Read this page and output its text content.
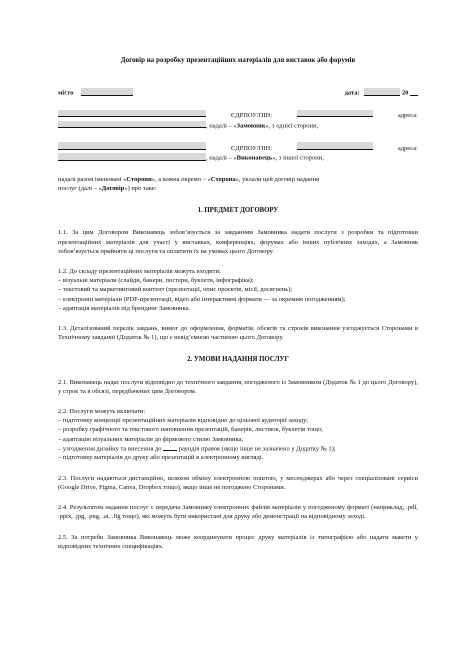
Договір на розробку презентаційних матеріалів для виставок або форумів
місто	дата:	20
ЄДРПОУ/ПІН:	адреса:
, надалі – «Замовник», з однієї сторони,
ЄДРПОУ/ПІН:	адреса:
, надалі – «Виконавець», з іншої сторони,

надалі разом іменовані «Сторони», а кожна окремо – «Сторона», уклали цей договір надання

послуг (далі – «Договір») про таке:

1. ПРЕДМЕТ ДОГОВОРУ

1.1. За цим Договором Виконавець зобов’язується за завданням Замовника надати послуги з розробки та підготовки презентаційних матеріалів для участі у виставках, конференціях, форумах або інших публічних заходах, а Замовник зобов’язується прийняти ці послуги та оплатити їх на умовах цього Договору.

1.2. До складу презентаційних матеріалів можуть входити:

– візуальні матеріали (слайди, банери, постери, буклети, інфографіка);
– текстовий та маркетинговий контент (презентації, опис проєктів, місії, досягнень);
– електронні матеріали (PDF-презентації, відео або інтерактивні формати — за окремим погодженням);
– адаптація матеріалів під брендинг Замовника.

1.3. Деталізований перелік завдань, вимог до оформлення, форматів, обсягів та строків виконання узгоджується Сторонами в Технічному завданні (Додаток № 1), що є невід’ємною частиною цього Договору.

2. УМОВИ НАДАННЯ ПОСЛУГ

2.1. Виконавець надає послуги відповідно до технічного завдання, погодженого із Замовником (Додаток № 1 до цього Договору), у строк та в обсязі, передбачених цим Договором.

2.2. Послуги можуть включати:

– підготовку концепції презентаційних матеріалів відповідно до цільової аудиторії заходу;
– розробку графічного та текстового наповнення презентацій, банерів, листівок, буклетів тощо;
– адаптацію візуальних матеріалів до фірмового стилю Замовника;
– узгодження дизайну та внесення до  раундів правок (якщо інше не зазначено у Додатку № 1);
– підготовку матеріалів до друку або презентацій в електронному вигляді.

2.3. Послуги надаються дистанційно, шляхом обміну електронною поштою, у месенджерах або через спеціалізовані сервіси (Google Drive, Figma, Canva, Dropbox тощо), якщо інше не погоджено Сторонами.

2.4. Результатом надання послуг є передача Замовнику електронних файлів матеріалів у погодженому форматі (наприклад, .pdf, .pptx, .jpg, .png, .ai, .fig тощо), які можуть бути використані для друку або демонстрації на відповідному заході.

2.5. За потреби Замовника Виконавець може координувати процес друку матеріалів із типографією або надати макети у відповідних технічних специфікаціях.
